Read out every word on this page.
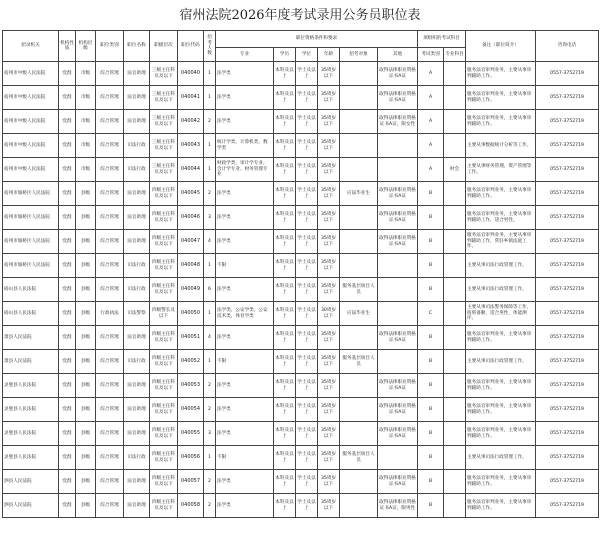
宿州法院2026年度考试录用公务员职位表
招录机关	机构性质	机构层级	职位类别	职位名称	职级层次	职位代码	招考人数	职位资格条件和要求						须组织的考试科目		备注（职位简介）	咨询电话
								专业	学历	学位	年龄	招考对象	其他	考试类别	专业科目		
宿州市中级人民法院	党群	市级	综合管理	法官助理	三级主任科员及以下	040040	1	法学类	本科及以上	学士及以上	35周岁以下		取得法律职业资格证书A证	A		服务法官审判业务，主要从事审判辅助工作。	0557-3752719
宿州市中级人民法院	党群	市级	综合管理	法官助理	三级主任科员及以下	040041	1	法学类	本科及以上	学士及以上	35周岁以下		取得法律职业资格证书A证	A		服务法官审判业务，主要从事审判辅助工作。	0557-3752719
宿州市中级人民法院	党群	市级	综合管理	法官助理	三级主任科员及以下	040042	2	法学类	本科及以上	学士及以上	35周岁以下		取得法律职业资格证书A证，限女性	A		服务法官审判业务，主要从事审判辅助工作。	0557-3752719
宿州市中级人民法院	党群	市级	综合管理	司法行政	三级主任科员及以下	040043	1	统计学类、计算机类、数学类	本科及以上	学士及以上	35周岁以下			A		主要从事数据统计分析等工作。	0557-3752719
宿州市中级人民法院	党群	市级	综合管理	司法行政	三级主任科员及以下	040044	1	财政学类、审计学专业、会计学专业、财务管理专业	本科及以上	学士及以上	35周岁以下			A	财会	主要从事财务管理、资产管理等工作。	0557-3752719
宿州市埇桥区人民法院	党群	县级	综合管理	法官助理	四级主任科员及以下	040045	2	法学类	本科及以上	学士及以上	35周岁以下	应届毕业生	取得法律职业资格证书A证	B		服务法官审判业务，主要从事审判辅助工作。	0557-3752719
宿州市埇桥区人民法院	党群	县级	综合管理	法官助理	四级主任科员及以下	040046	3	法学类	本科及以上	学士及以上	35周岁以下		取得法律职业资格证书A证	B		服务法官审判业务，主要从事审判辅助工作，适合男性。	0557-3752719
宿州市埇桥区人民法院	党群	县级	综合管理	法官助理	四级主任科员及以下	040047	4	法学类	本科及以上	学士及以上	35周岁以下		取得法律职业资格证书A证	B		服务法官审判业务，主要从事审判辅助工作，常驻乡镇法庭工作。	0557-3752719
宿州市埇桥区人民法院	党群	县级	综合管理	司法行政	四级主任科员及以下	040048	1	不限	本科及以上	学士及以上	35周岁以下			B		主要从事司法行政管理工作。	0557-3752719
砀山县人民法院	党群	县级	综合管理	司法行政	四级主任科员及以下	040049	6	法学类	本科及以上	学士及以上	35周岁以下	服务基层项目人员		B		主要从事司法行政管理工作。	0557-3752719
砀山县人民法院	党群	县级	行政执法	司法警察	四级警长及以下	040050	1	法学类、公安学类、公安技术类、体育学类	本科及以上	学士及以上	30周岁以下	应届毕业生		C		主要从事司法警务保障等工作，值班备勤，适合男性，体能测评。	0557-3752719
萧县人民法院	党群	县级	综合管理	法官助理	四级主任科员及以下	040051	4	法学类	本科及以上	学士及以上	35周岁以下		取得法律职业资格证书A证	B		服务法官审判业务，主要从事审判辅助工作。	0557-3752719
萧县人民法院	党群	县级	综合管理	司法行政	四级主任科员及以下	040052	1	不限	本科及以上	学士及以上	35周岁以下	服务基层项目人员		B		主要从事司法行政管理工作。	0557-3752719
灵璧县人民法院	党群	县级	综合管理	法官助理	四级主任科员及以下	040053	2	法学类	本科及以上	学士及以上	35周岁以下		取得法律职业资格证书A证	B		服务法官审判业务，主要从事审判辅助工作。	0557-3752719
灵璧县人民法院	党群	县级	综合管理	法官助理	四级主任科员及以下	040054	2	法学类	本科及以上	学士及以上	35周岁以下		取得法律职业资格证书A证	B		服务法官审判业务，主要从事审判辅助工作。	0557-3752719
灵璧县人民法院	党群	县级	综合管理	法官助理	四级主任科员及以下	040055	3	法学类	本科及以上	学士及以上	35周岁以下		取得法律职业资格证书A证	B		服务法官审判业务，主要从事审判辅助工作。	0557-3752719
灵璧县人民法院	党群	县级	综合管理	司法行政	四级主任科员及以下	040056	1	不限	本科及以上	学士及以上	35周岁以下	服务基层项目人员		B		主要从事司法行政管理工作。	0557-3752719
泗县人民法院	党群	县级	综合管理	法官助理	四级主任科员及以下	040057	2	法学类	本科及以上	学士及以上	35周岁以下		取得法律职业资格证书A证	B		服务法官审判业务，主要从事审判辅助工作。	0557-3752719
泗县人民法院	党群	县级	综合管理	法官助理	四级主任科员及以下	040058	2	法学类	本科及以上	学士及以上	35周岁以下		取得法律职业资格证书A证，限男性	B		服务法官审判业务，主要从事审判辅助工作。	0557-3752719
